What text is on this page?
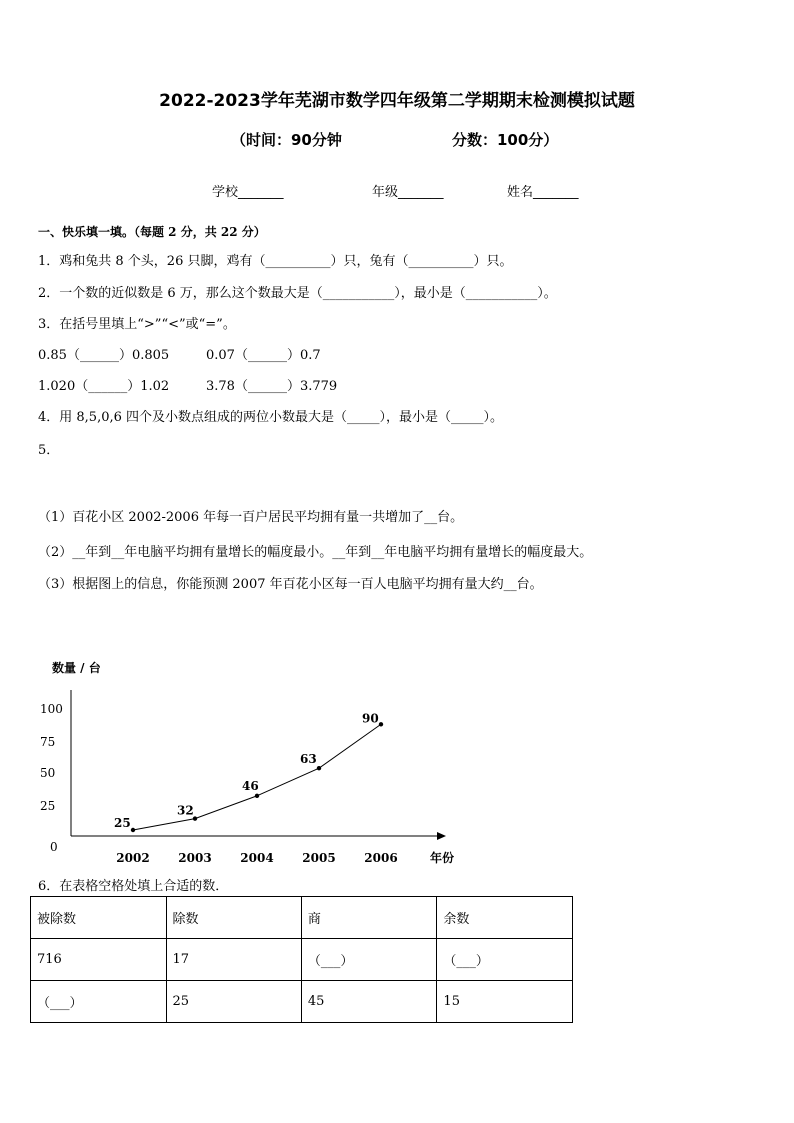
2022-2023学年芜湖市数学四年级第二学期期末检测模拟试题
（时间：90分钟	分数：100分）
学校_______	年级_______	姓名_______
一、快乐填一填。（每题 2 分，共 22 分）
1．鸡和兔共 8 个头，26 只脚，鸡有（__________）只，兔有（__________）只。
2．一个数的近似数是 6 万，那么这个数最大是（___________），最小是（___________）。
3．在括号里填上“>”“<”或“=”。
0.85（______）0.805	0.07（______）0.7
1.020（______）1.02	3.78（______）3.779
4．用 8,5,0,6 四个及小数点组成的两位小数最大是（_____），最小是（_____）。
5．
（1）百花小区 2002-2006 年每一百户居民平均拥有量一共增加了__台。
（2）__年到__年电脑平均拥有量增长的幅度最小。__年到__年电脑平均拥有量增长的幅度最大。
（3）根据图上的信息，你能预测 2007 年百花小区每一百人电脑平均拥有量大约__台。
数量 / 台
0
年份
100
75
50
25
25
32
46
63
90
2002 2003 2004 2005 2006
6．在表格空格处填上合适的数．
被除数	除数	商	余数
716	17	（___）	（___）
（___）	25	45	15
